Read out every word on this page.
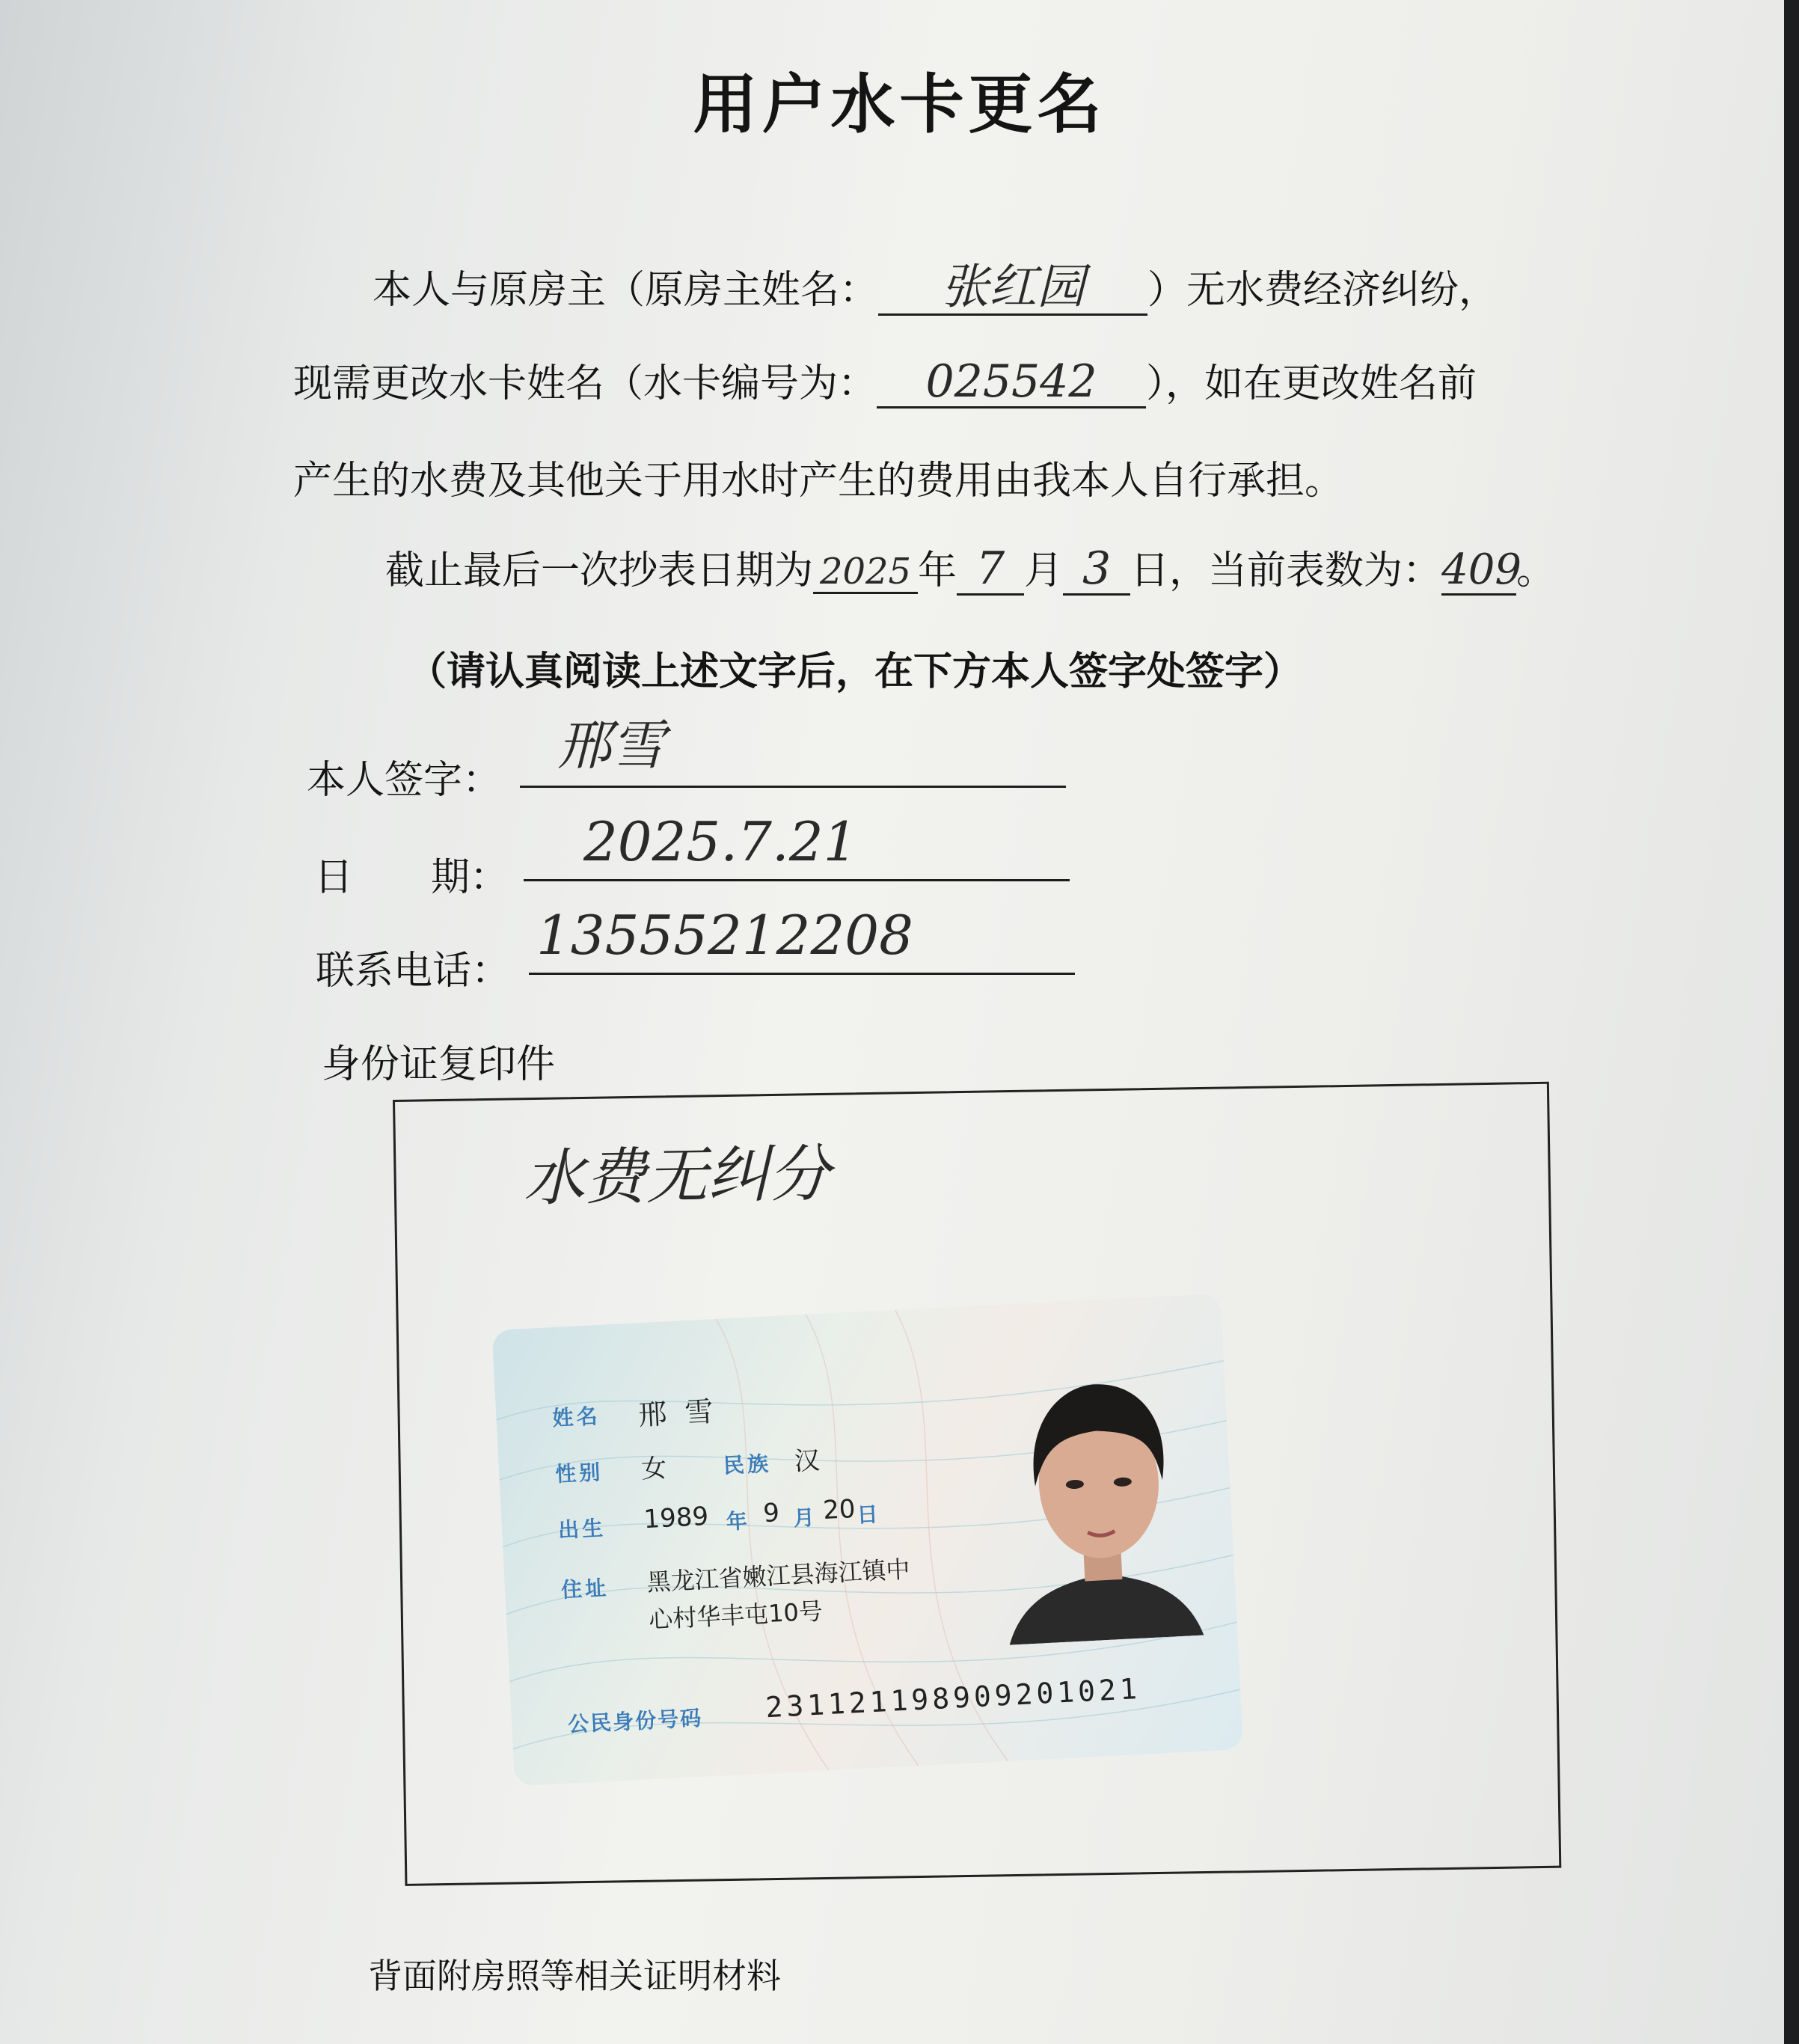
用户水卡更名
本人与原房主（原房主姓名： 张红园 ）无水费经济纠纷，
现需更改水卡姓名（水卡编号为： 025542 ），如在更改姓名前
产生的水费及其他关于用水时产生的费用由我本人自行承担。
截止最后一次抄表日期为 2025 年 7 月 3 日，当前表数为：409。
（请认真阅读上述文字后，在下方本人签字处签字）
本人签字：
邢雪
日　　期：
2025.7.21
联系电话：
13555212208
身份证复印件
水费无纠分
姓名 邢 雪
性别 女	民族 汉
出生 1989 年 9 月 20 日
住址 黑龙江省嫩江县海江镇中
心村华丰屯10号
公民身份号码 231121198909201021
背面附房照等相关证明材料
